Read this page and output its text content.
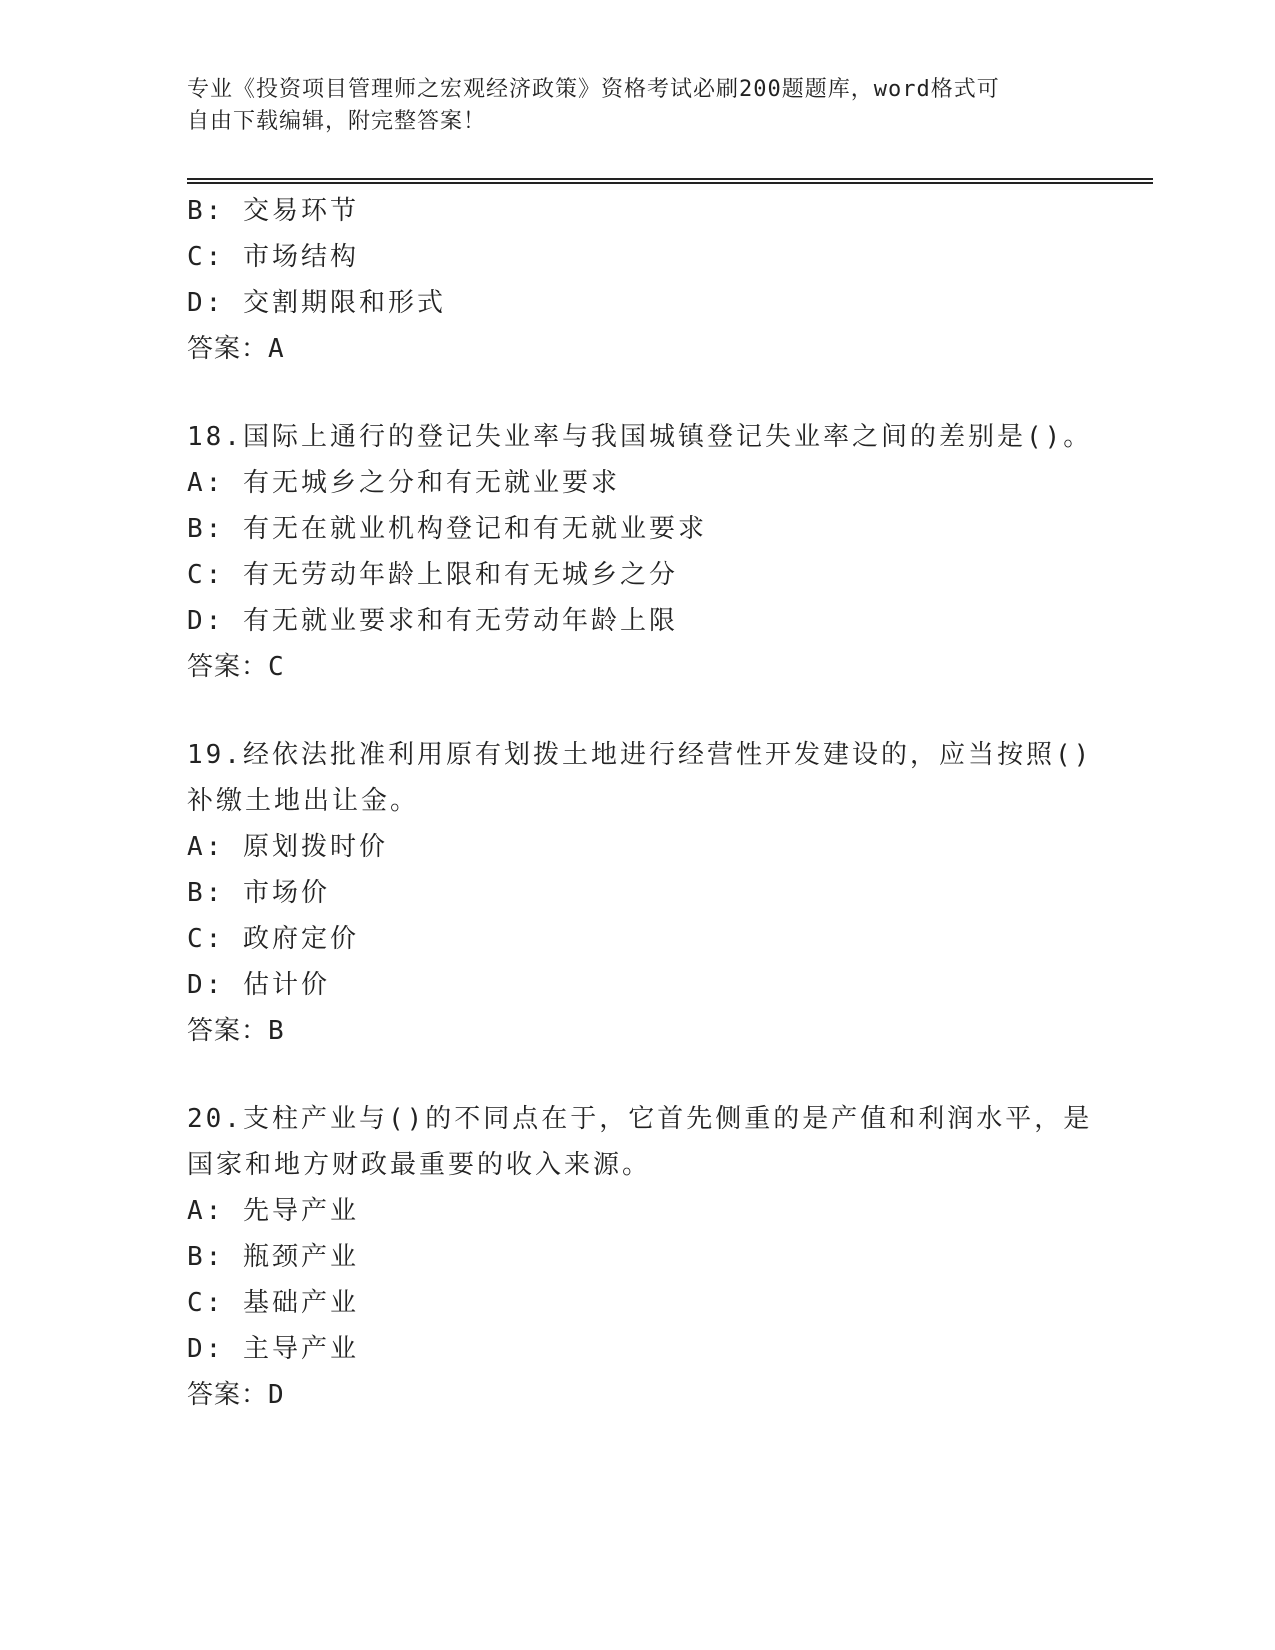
专业《投资项目管理师之宏观经济政策》资格考试必刷200题题库，word格式可
自由下载编辑，附完整答案！
B: 交易环节
C: 市场结构
D: 交割期限和形式
答案：A
18.国际上通行的登记失业率与我国城镇登记失业率之间的差别是()。
A: 有无城乡之分和有无就业要求
B: 有无在就业机构登记和有无就业要求
C: 有无劳动年龄上限和有无城乡之分
D: 有无就业要求和有无劳动年龄上限
答案：C
19.经依法批准利用原有划拨土地进行经营性开发建设的，应当按照()
补缴土地出让金。
A: 原划拨时价
B: 市场价
C: 政府定价
D: 估计价
答案：B
20.支柱产业与()的不同点在于，它首先侧重的是产值和利润水平，是
国家和地方财政最重要的收入来源。
A: 先导产业
B: 瓶颈产业
C: 基础产业
D: 主导产业
答案：D
